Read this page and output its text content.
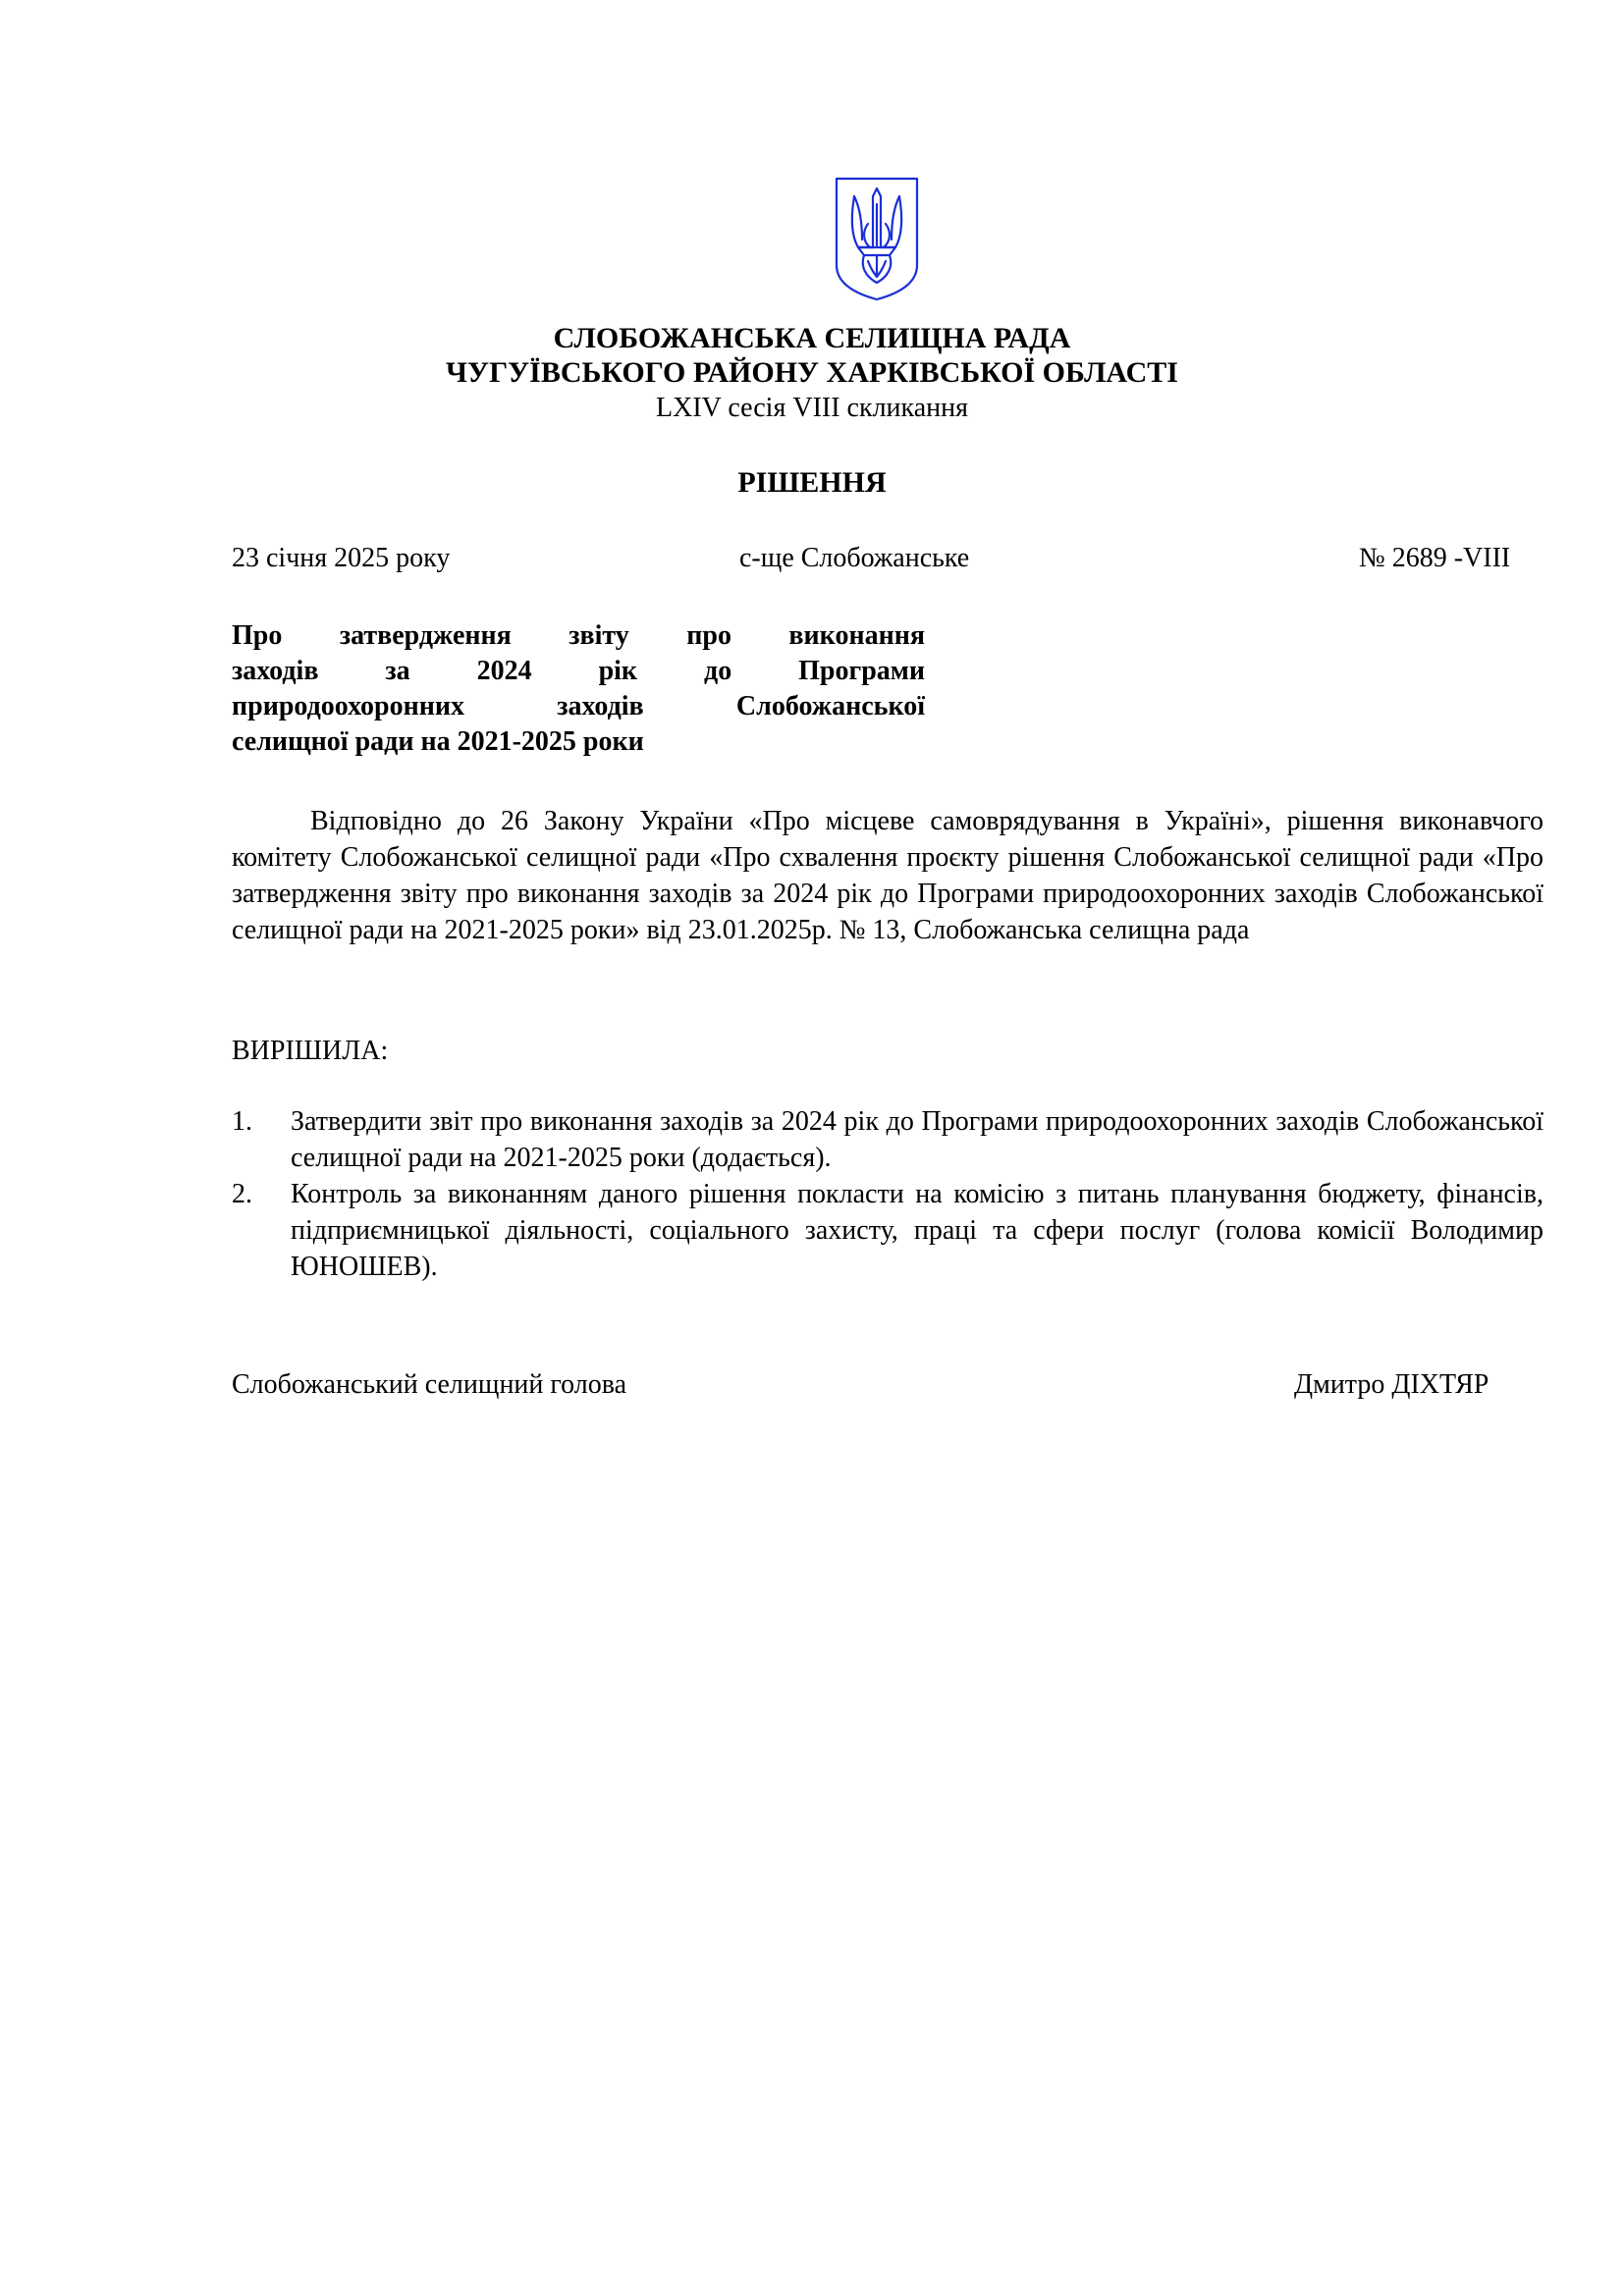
СЛОБОЖАНСЬКА СЕЛИЩНА РАДА
ЧУГУЇВСЬКОГО РАЙОНУ ХАРКІВСЬКОЇ ОБЛАСТІ
LXIV сесія VIII скликання
РІШЕННЯ
23 січня 2025 року	с-ще Слобожанське	№ 2689 -VIII
Про затвердження звіту про виконання
заходів за 2024 рік до Програми
природоохоронних заходів Слобожанської
селищної ради на 2021-2025 роки
Відповідно до 26 Закону України «Про місцеве самоврядування в Україні», рішення виконавчого комітету Слобожанської селищної ради «Про схвалення проєкту рішення Слобожанської селищної ради «Про затвердження звіту про виконання заходів за 2024 рік до Програми природоохоронних заходів Слобожанської селищної ради на 2021-2025 роки» від 23.01.2025р. № 13, Слобожанська селищна рада
ВИРІШИЛА:
1. Затвердити звіт про виконання заходів за 2024 рік до Програми природоохоронних заходів Слобожанської селищної ради на 2021-2025 роки (додається).
2. Контроль за виконанням даного рішення покласти на комісію з питань планування бюджету, фінансів, підприємницької діяльності, соціального захисту, праці та сфери послуг (голова комісії Володимир ЮНОШЕВ).
Слобожанський селищний голова	Дмитро ДІХТЯР
